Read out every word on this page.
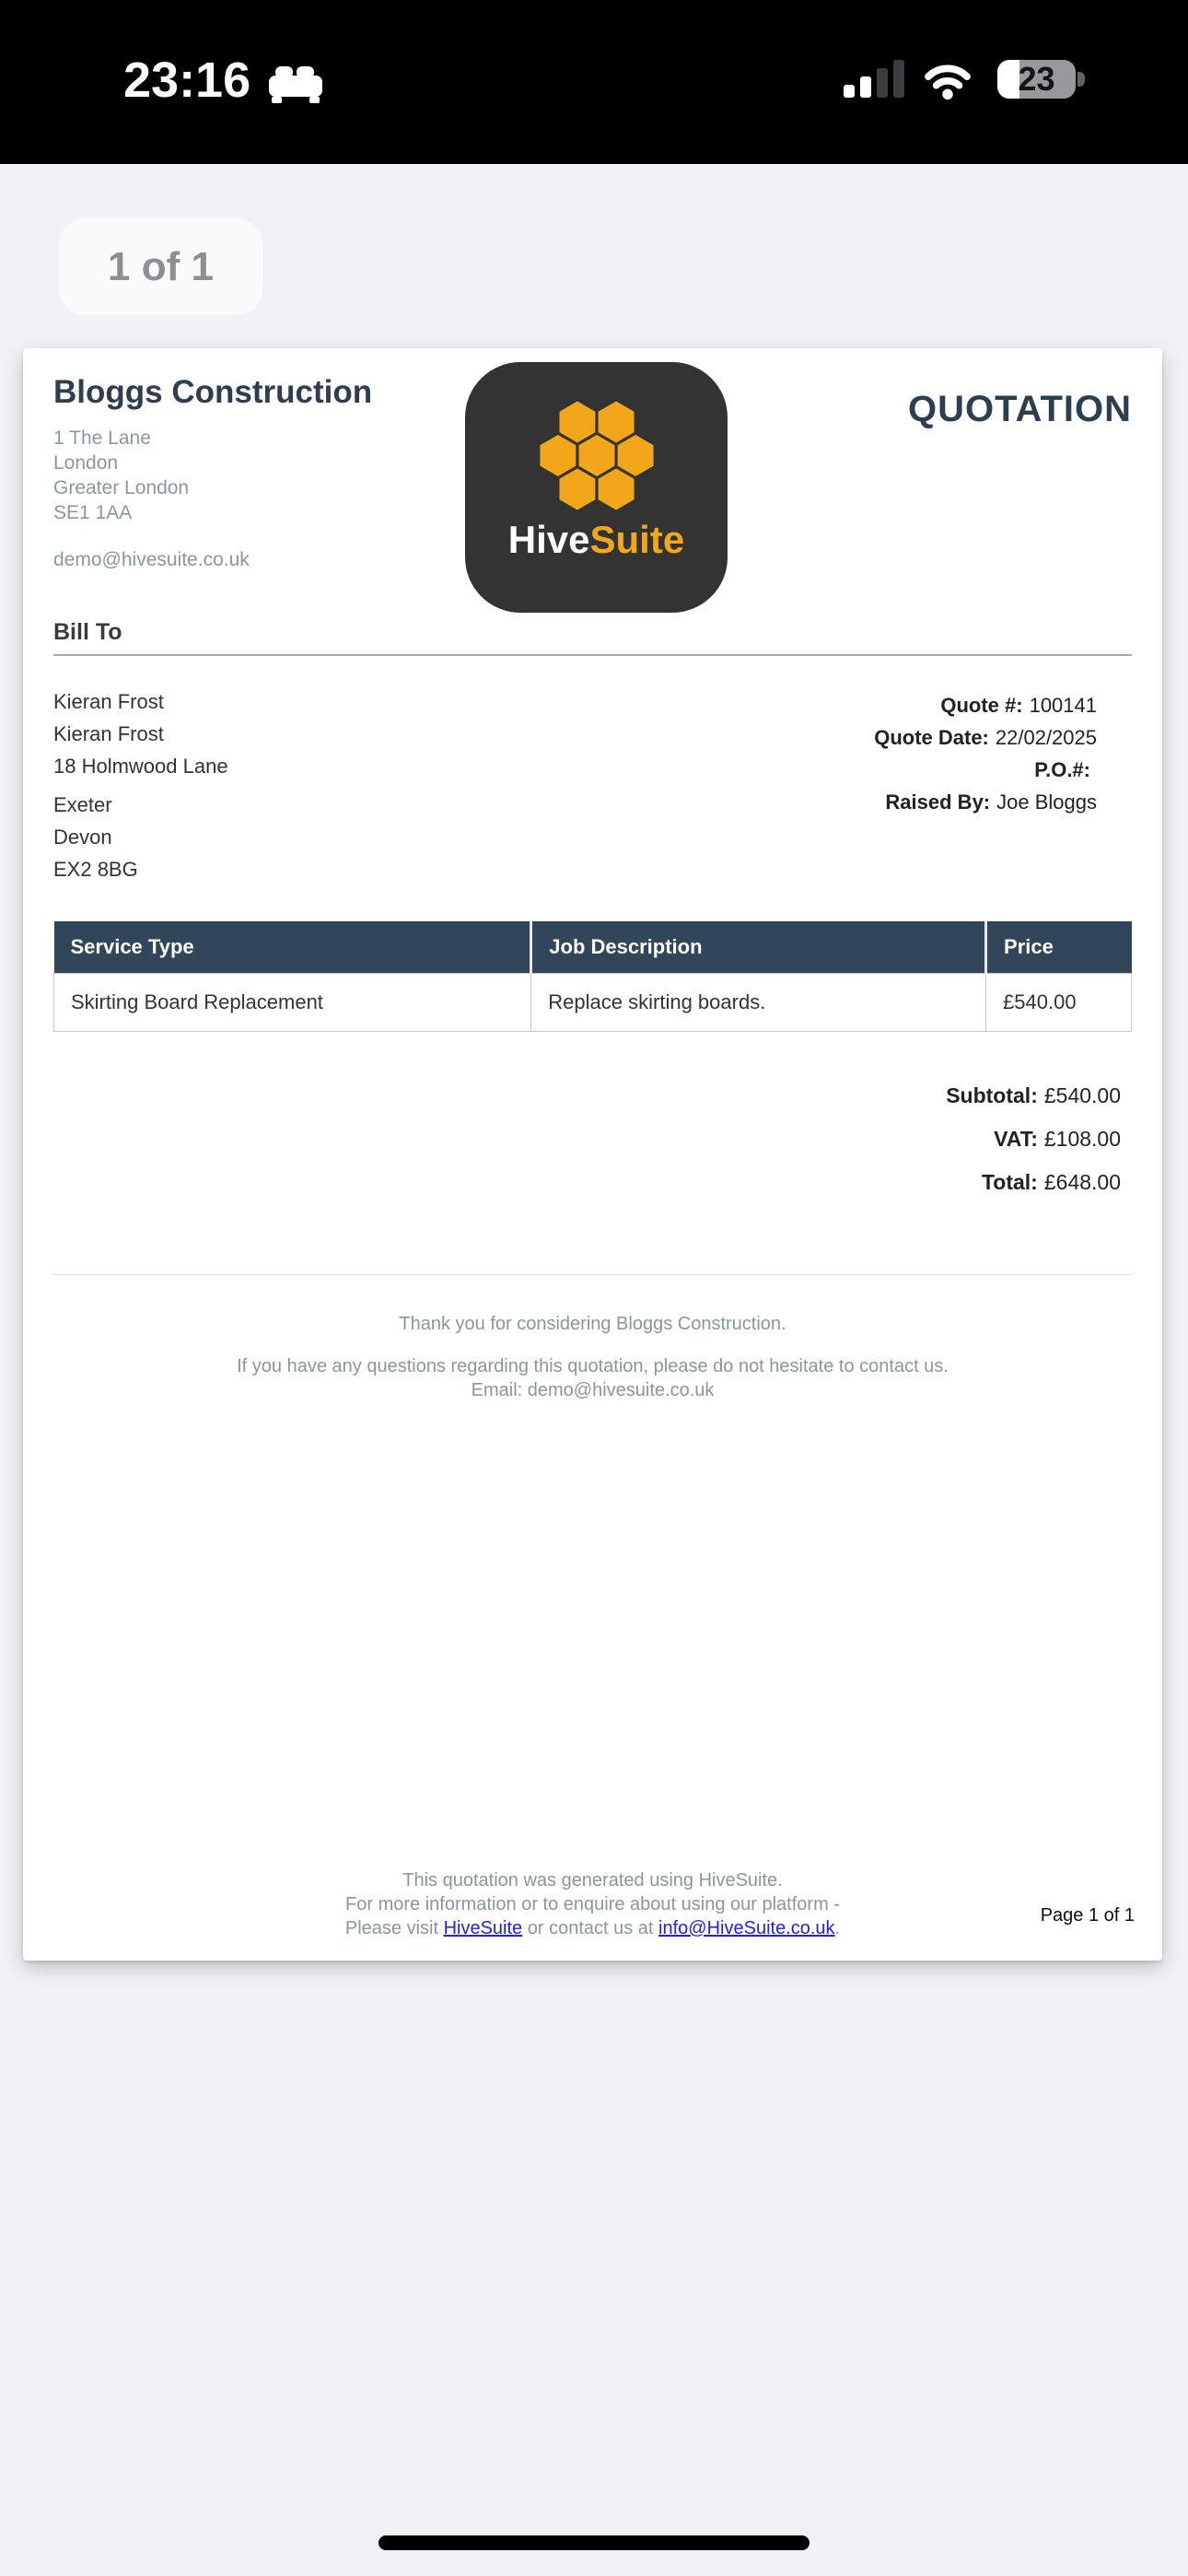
23:16	23
1 of 1
Bloggs Construction
1 The Lane
London
Greater London
SE1 1AA
demo@hivesuite.co.uk	HiveSuite
QUOTATION
Bill To
Kieran Frost
Kieran Frost
18 Holmwood Lane
Exeter
Devon
EX2 8BG
Quote #: 100141
Quote Date: 22/02/2025
P.O.#:
Raised By: Joe Bloggs
Service Type	Job Description	Price
Skirting Board Replacement	Replace skirting boards.	£540.00
Subtotal: £540.00
VAT: £108.00
Total: £648.00
Thank you for considering Bloggs Construction.
If you have any questions regarding this quotation, please do not hesitate to contact us.
Email: demo@hivesuite.co.uk
This quotation was generated using HiveSuite.
For more information or to enquire about using our platform -
Please visit HiveSuite or contact us at info@HiveSuite.co.uk.
Page 1 of 1
